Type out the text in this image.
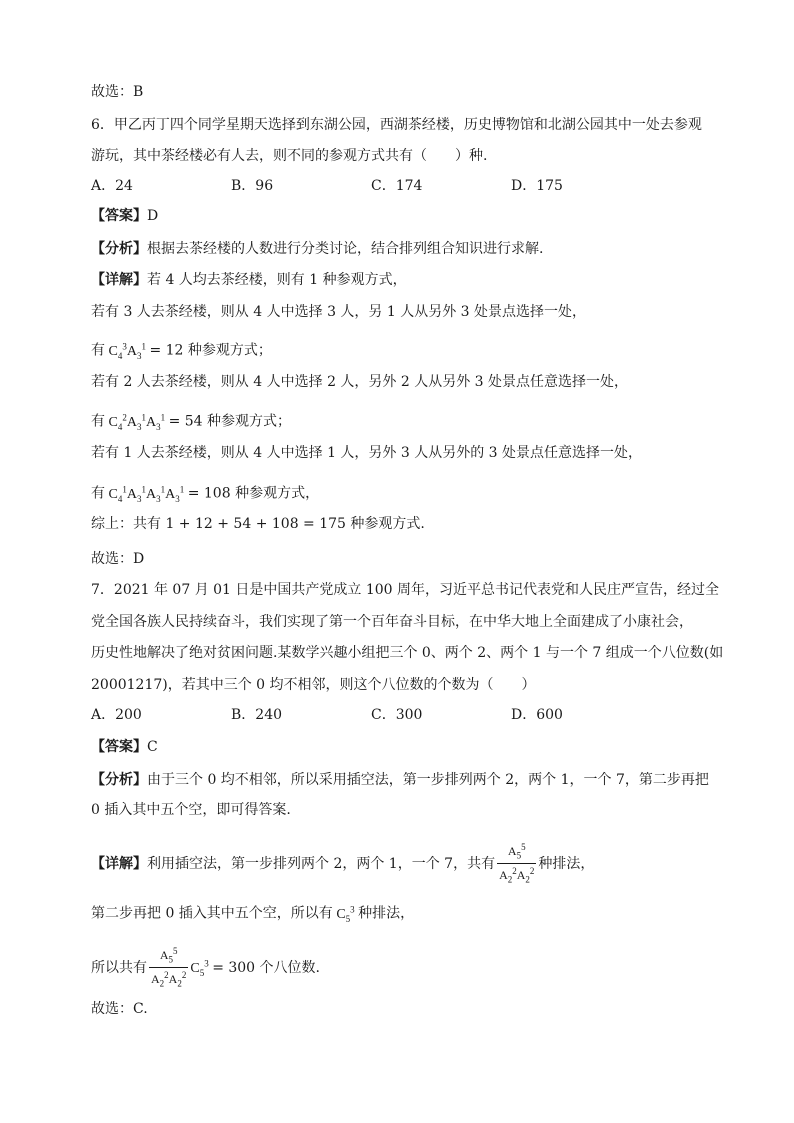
故选：B
6．甲乙丙丁四个同学星期天选择到东湖公园，西湖茶经楼，历史博物馆和北湖公园其中一处去参观
游玩，其中茶经楼必有人去，则不同的参观方式共有（　　）种.
A．24	B．96	C．174	D．175
【答案】D
【分析】根据去茶经楼的人数进行分类讨论，结合排列组合知识进行求解.
【详解】若 4 人均去茶经楼，则有 1 种参观方式，
若有 3 人去茶经楼，则从 4 人中选择 3 人，另 1 人从另外 3 处景点选择一处，
有 $C_4^3A_3^1 = 12$ 种参观方式；
若有 2 人去茶经楼，则从 4 人中选择 2 人，另外 2 人从另外 3 处景点任意选择一处，
有 $C_4^2A_3^1A_3^1 = 54$ 种参观方式；
若有 1 人去茶经楼，则从 4 人中选择 1 人，另外 3 人从另外的 3 处景点任意选择一处，
有 $C_4^1A_3^1A_3^1A_3^1 = 108$ 种参观方式，
综上：共有 1 + 12 + 54 + 108 = 175 种参观方式.
故选：D
7．2021 年 07 月 01 日是中国共产党成立 100 周年，习近平总书记代表党和人民庄严宣告，经过全
党全国各族人民持续奋斗，我们实现了第一个百年奋斗目标，在中华大地上全面建成了小康社会，
历史性地解决了绝对贫困问题.某数学兴趣小组把三个 0、两个 2、两个 1 与一个 7 组成一个八位数(如
20001217)，若其中三个 0 均不相邻，则这个八位数的个数为（　　）
A．200	B．240	C．300	D．600
【答案】C
【分析】由于三个 0 均不相邻，所以采用插空法，第一步排列两个 2，两个 1，一个 7，第二步再把
0 插入其中五个空，即可得答案.
【详解】利用插空法，第一步排列两个 2，两个 1，一个 7，共有 $\frac{A_5^5}{A_2^2A_2^2}$ 种排法，
第二步再把 0 插入其中五个空，所以有 $C_5^3$ 种排法，
所以共有 $\frac{A_5^5}{A_2^2A_2^2} C_5^3 = 300$ 个八位数.
故选：C.
